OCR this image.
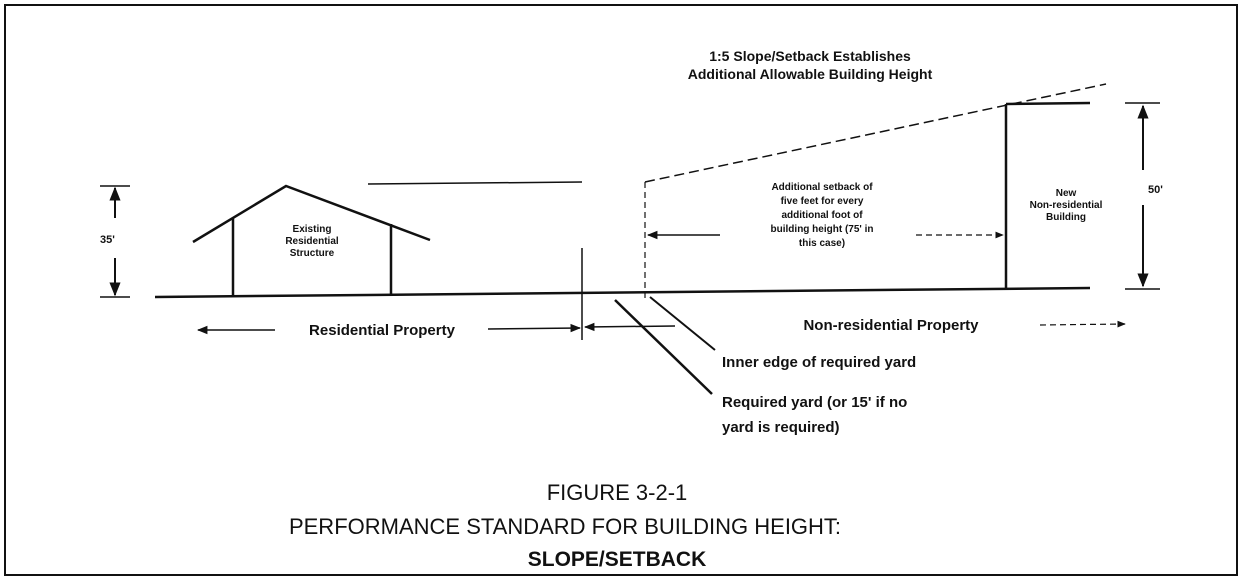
Existing
Residential
Structure
35'
New
Non-residential
Building
50'
1:5 Slope/Setback Establishes
Additional Allowable Building Height
Additional setback of
five feet for every
additional foot of
building height (75' in
this case)
Residential Property	Non-residential Property
Inner edge of required yard
Required yard (or 15' if no
yard is required)
FIGURE 3-2-1
PERFORMANCE STANDARD FOR BUILDING HEIGHT:
SLOPE/SETBACK
